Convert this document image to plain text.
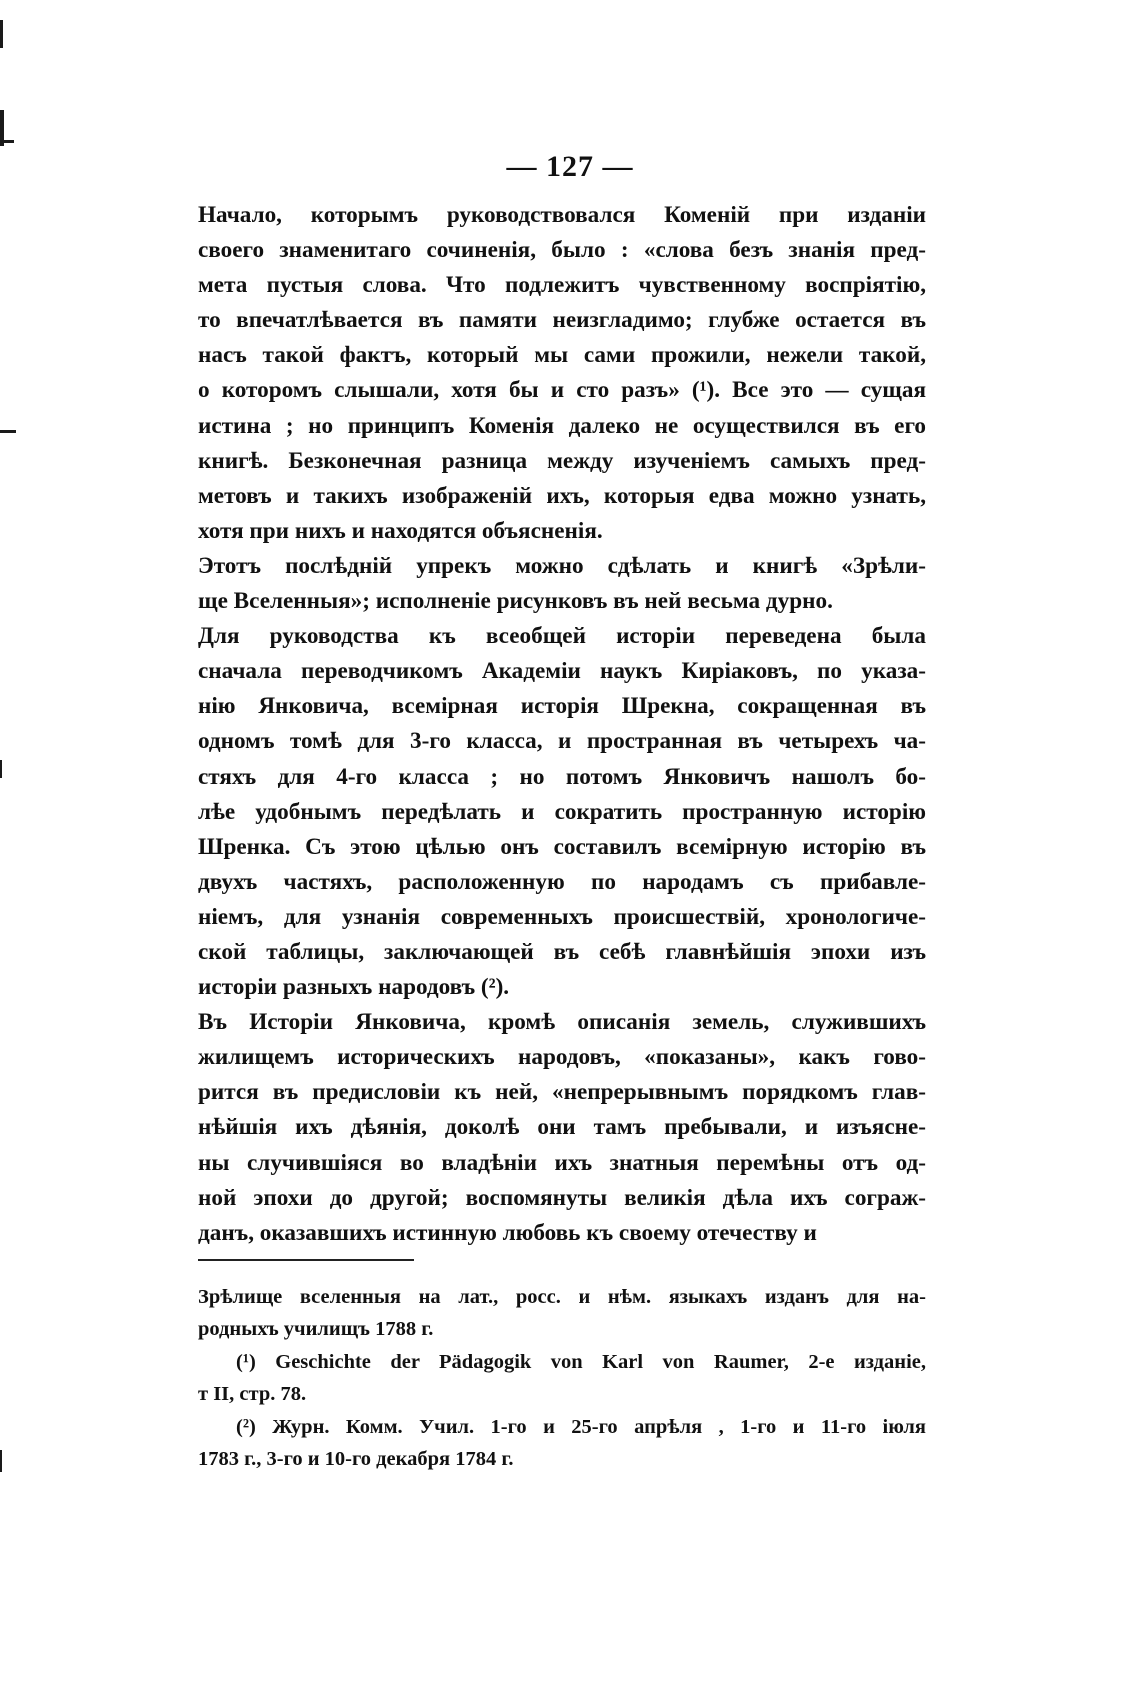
— 127 —

Начало, которымъ руководствовался Коменій при изданіи
своего знаменитаго сочиненія, было : «слова безъ знанія пред-
мета пустыя слова. Что подлежитъ чувственному воспріятію,
то впечатлѣвается въ памяти неизгладимо; глубже остается въ
насъ такой фактъ, который мы сами прожили, нежели такой,
о которомъ слышали, хотя бы и сто разъ» (¹). Все это — сущая
истина ; но принципъ Коменія далеко не осуществился въ его
книгѣ. Безконечная разница между изученіемъ самыхъ пред-
метовъ и такихъ изображеній ихъ, которыя едва можно узнать,
хотя при нихъ и находятся объясненія.

Этотъ послѣдній упрекъ можно сдѣлать и книгѣ «Зрѣли-
ще Вселенныя»; исполненіе рисунковъ въ ней весьма дурно.

Для руководства къ всеобщей исторіи переведена была
сначала переводчикомъ Академіи наукъ Киріаковъ, по указа-
нію Янковича, всемірная исторія Шрекна, сокращенная въ
одномъ томѣ для 3-го класса, и пространная въ четырехъ ча-
стяхъ для 4-го класса ; но потомъ Янковичъ нашолъ бо-
лѣе удобнымъ передѣлать и сократить пространную исторію
Шренка. Съ этою цѣлью онъ составилъ всемірную исторію въ
двухъ частяхъ, расположенную по народамъ съ прибавле-
ніемъ, для узнанія современныхъ происшествій, хронологиче-
ской таблицы, заключающей въ себѣ главнѣйшія эпохи изъ
исторіи разныхъ народовъ (²).

Въ Исторіи Янковича, кромѣ описанія земель, служившихъ
жилищемъ историческихъ народовъ, «показаны», какъ гово-
рится въ предисловіи къ ней, «непрерывнымъ порядкомъ глав-
нѣйшія ихъ дѣянія, доколѣ они тамъ пребывали, и изъясне-
ны случившіяся во владѣніи ихъ знатныя перемѣны отъ од-
ной эпохи до другой; воспомянуты великія дѣла ихъ сограж-
данъ, оказавшихъ истинную любовь къ своему отечеству и

Зрѣлище вселенныя на лат., росс. и нѣм. языкахъ изданъ для на-
родныхъ училищъ 1788 г.
(¹) Geschichte der Pädagogik von Karl von Raumer, 2-е изданіе,
т II, стр. 78.
(²) Журн. Комм. Учил. 1-го и 25-го апрѣля , 1-го и 11-го іюля
1783 г., 3-го и 10-го декабря 1784 г.
